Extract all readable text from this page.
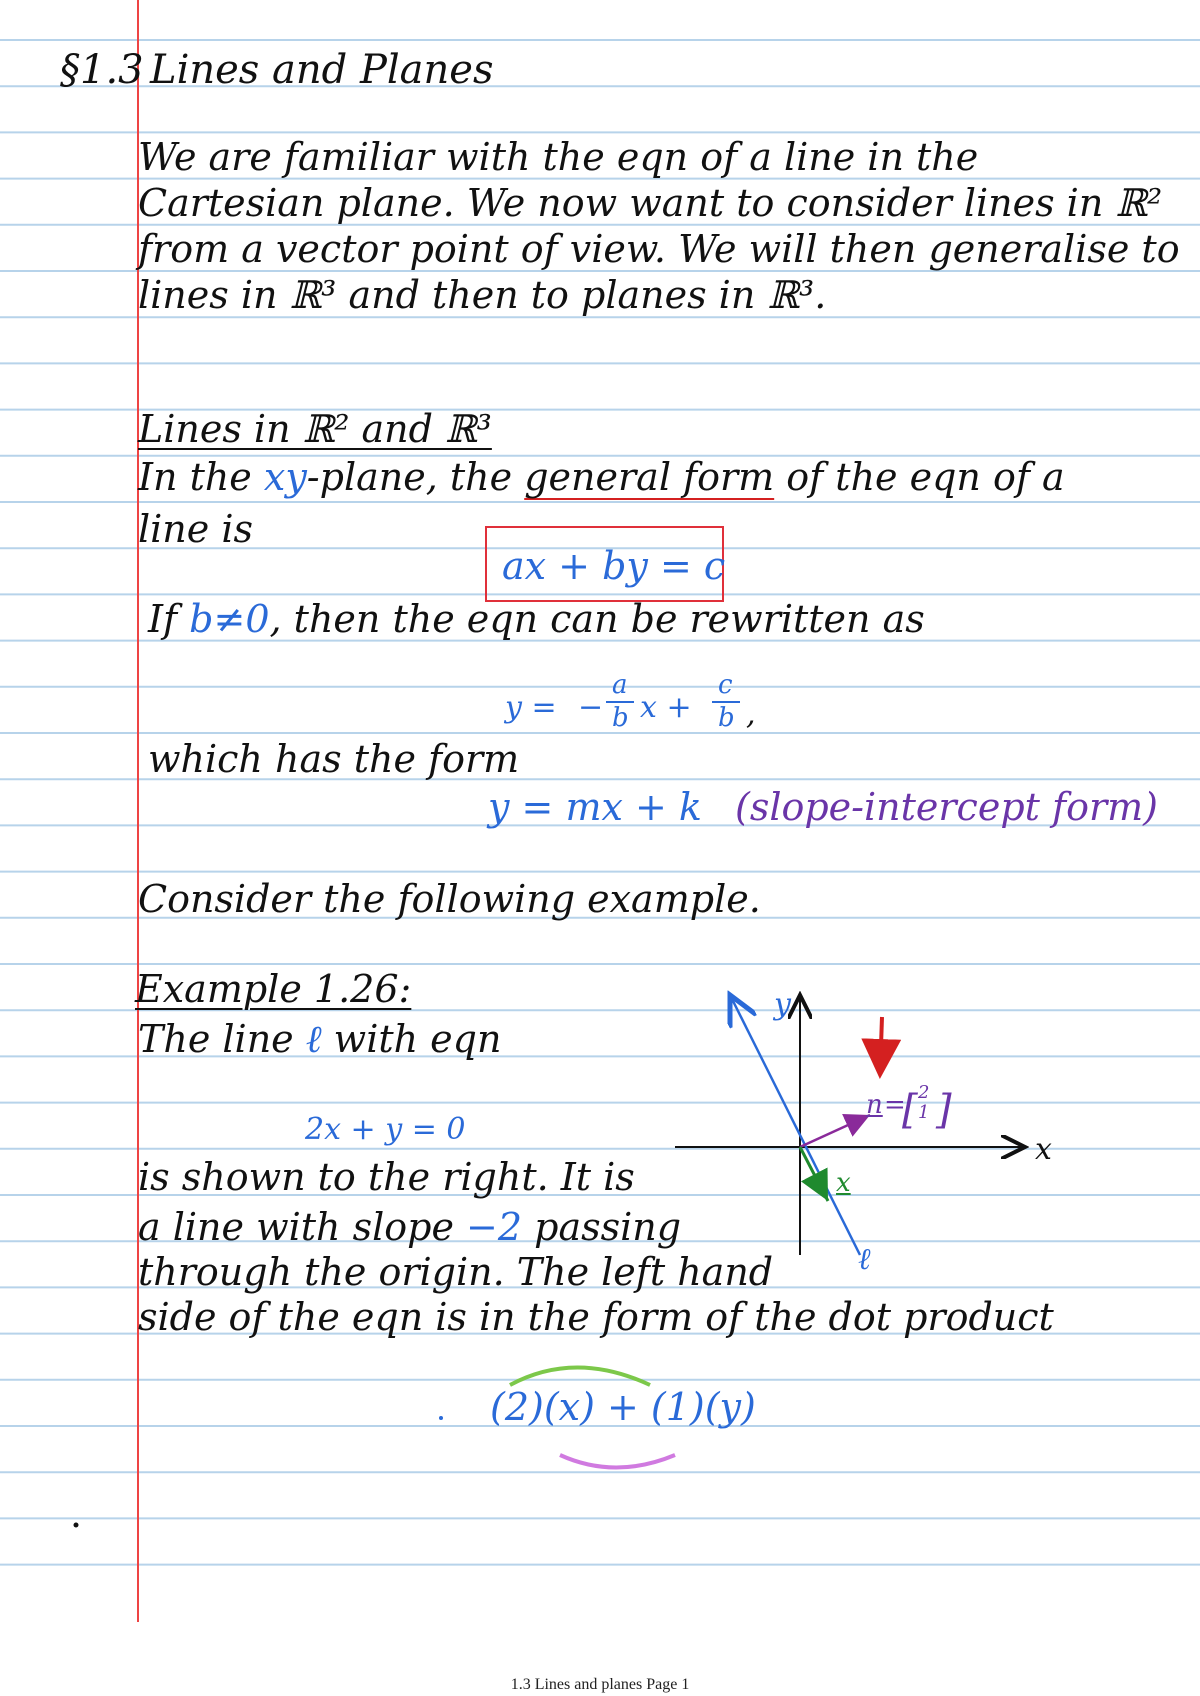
§1.3 Lines and Planes
We are familiar with the eqn of a line in the
Cartesian plane. We now want to consider lines in ℝ²
from a vector point of view. We will then generalise to
lines in ℝ³ and then to planes in ℝ³.
Lines in ℝ² and ℝ³
In the xy-plane, the general form of the eqn of a
line is
ax + by = c
If b≠0, then the eqn can be rewritten as
y = −
a
b x +
c
b ,
which has the form
y = mx + k (slope-intercept form)
Consider the following example.
Example 1.26:
The line ℓ with eqn
2x + y = 0
is shown to the right. It is
a line with slope −2 passing
through the origin. The left hand
side of the eqn is in the form of the dot product
(2)(x) + (1)(y)
x
y
ℓ
n =
[ 2
1 ]
x
1.3 Lines and planes Page 1
